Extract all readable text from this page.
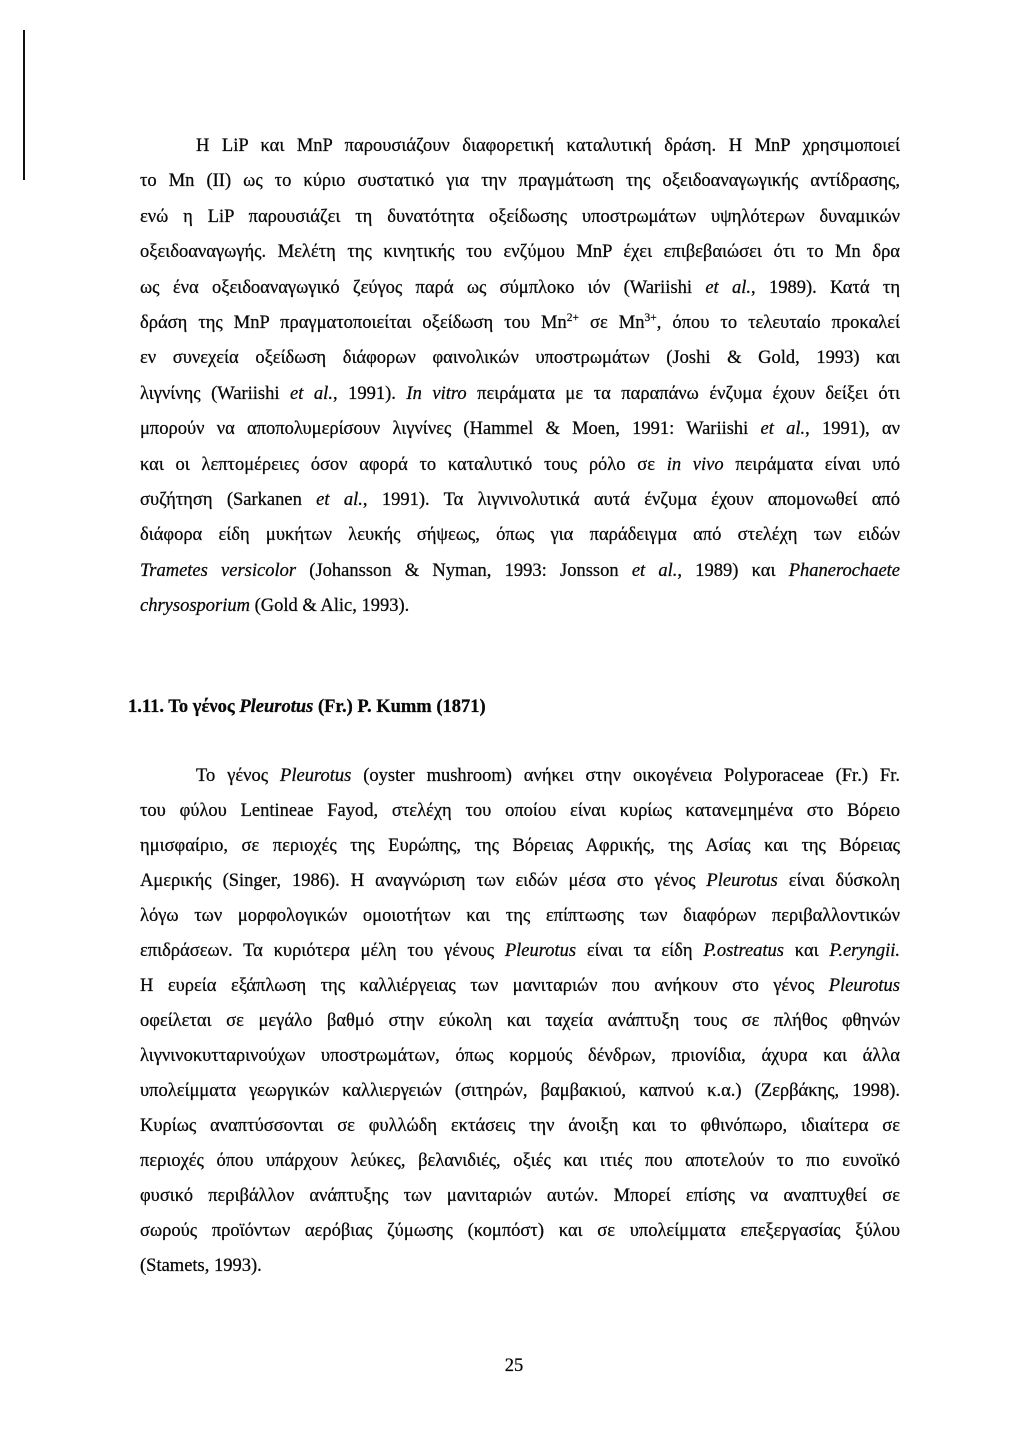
Η LiP και MnP παρουσιάζουν διαφορετική καταλυτική δράση. Η MnP χρησιμοποιεί
το Mn (II) ως το κύριο συστατικό για την πραγμάτωση της οξειδοαναγωγικής αντίδρασης,
ενώ η LiP παρουσιάζει τη δυνατότητα οξείδωσης υποστρωμάτων υψηλότερων δυναμικών
οξειδοαναγωγής. Μελέτη της κινητικής του ενζύμου MnP έχει επιβεβαιώσει ότι το Mn δρα
ως ένα οξειδοαναγωγικό ζεύγος παρά ως σύμπλοκο ιόν (Wariishi et al., 1989). Κατά τη
δράση της MnP πραγματοποιείται οξείδωση του $Mn^{2+}$ σε $Mn^{3+}$, όπου το τελευταίο προκαλεί
εν συνεχεία οξείδωση διάφορων φαινολικών υποστρωμάτων (Joshi & Gold, 1993) και
λιγνίνης (Wariishi et al., 1991). In vitro πειράματα με τα παραπάνω ένζυμα έχουν δείξει ότι
μπορούν να αποπολυμερίσουν λιγνίνες (Hammel & Moen, 1991: Wariishi et al., 1991), αν
και οι λεπτομέρειες όσον αφορά το καταλυτικό τους ρόλο σε in vivo πειράματα είναι υπό
συζήτηση (Sarkanen et al., 1991). Τα λιγνινολυτικά αυτά ένζυμα έχουν απομονωθεί από
διάφορα είδη μυκήτων λευκής σήψεως, όπως για παράδειγμα από στελέχη των ειδών
Trametes versicolor (Johansson & Nyman, 1993: Jonsson et al., 1989) και Phanerochaete
chrysosporium (Gold & Alic, 1993).
1.11. Το γένος Pleurotus (Fr.) P. Kumm (1871)
Το γένος Pleurotus (oyster mushroom) ανήκει στην οικογένεια Polyporaceae (Fr.) Fr.
του φύλου Lentineae Fayod, στελέχη του οποίου είναι κυρίως κατανεμημένα στο Βόρειο
ημισφαίριο, σε περιοχές της Ευρώπης, της Βόρειας Αφρικής, της Ασίας και της Βόρειας
Αμερικής (Singer, 1986). Η αναγνώριση των ειδών μέσα στο γένος Pleurotus είναι δύσκολη
λόγω των μορφολογικών ομοιοτήτων και της επίπτωσης των διαφόρων περιβαλλοντικών
επιδράσεων. Τα κυριότερα μέλη του γένους Pleurotus είναι τα είδη P.ostreatus και P.eryngii.
Η ευρεία εξάπλωση της καλλιέργειας των μανιταριών που ανήκουν στο γένος Pleurotus
οφείλεται σε μεγάλο βαθμό στην εύκολη και ταχεία ανάπτυξη τους σε πλήθος φθηνών
λιγνινοκυτταρινούχων υποστρωμάτων, όπως κορμούς δένδρων, πριονίδια, άχυρα και άλλα
υπολείμματα γεωργικών καλλιεργειών (σιτηρών, βαμβακιού, καπνού κ.α.) (Ζερβάκης, 1998).
Κυρίως αναπτύσσονται σε φυλλώδη εκτάσεις την άνοιξη και το φθινόπωρο, ιδιαίτερα σε
περιοχές όπου υπάρχουν λεύκες, βελανιδιές, οξιές και ιτιές που αποτελούν το πιο ευνοϊκό
φυσικό περιβάλλον ανάπτυξης των μανιταριών αυτών. Μπορεί επίσης να αναπτυχθεί σε
σωρούς προϊόντων αερόβιας ζύμωσης (κομπόστ) και σε υπολείμματα επεξεργασίας ξύλου
(Stamets, 1993).
25
